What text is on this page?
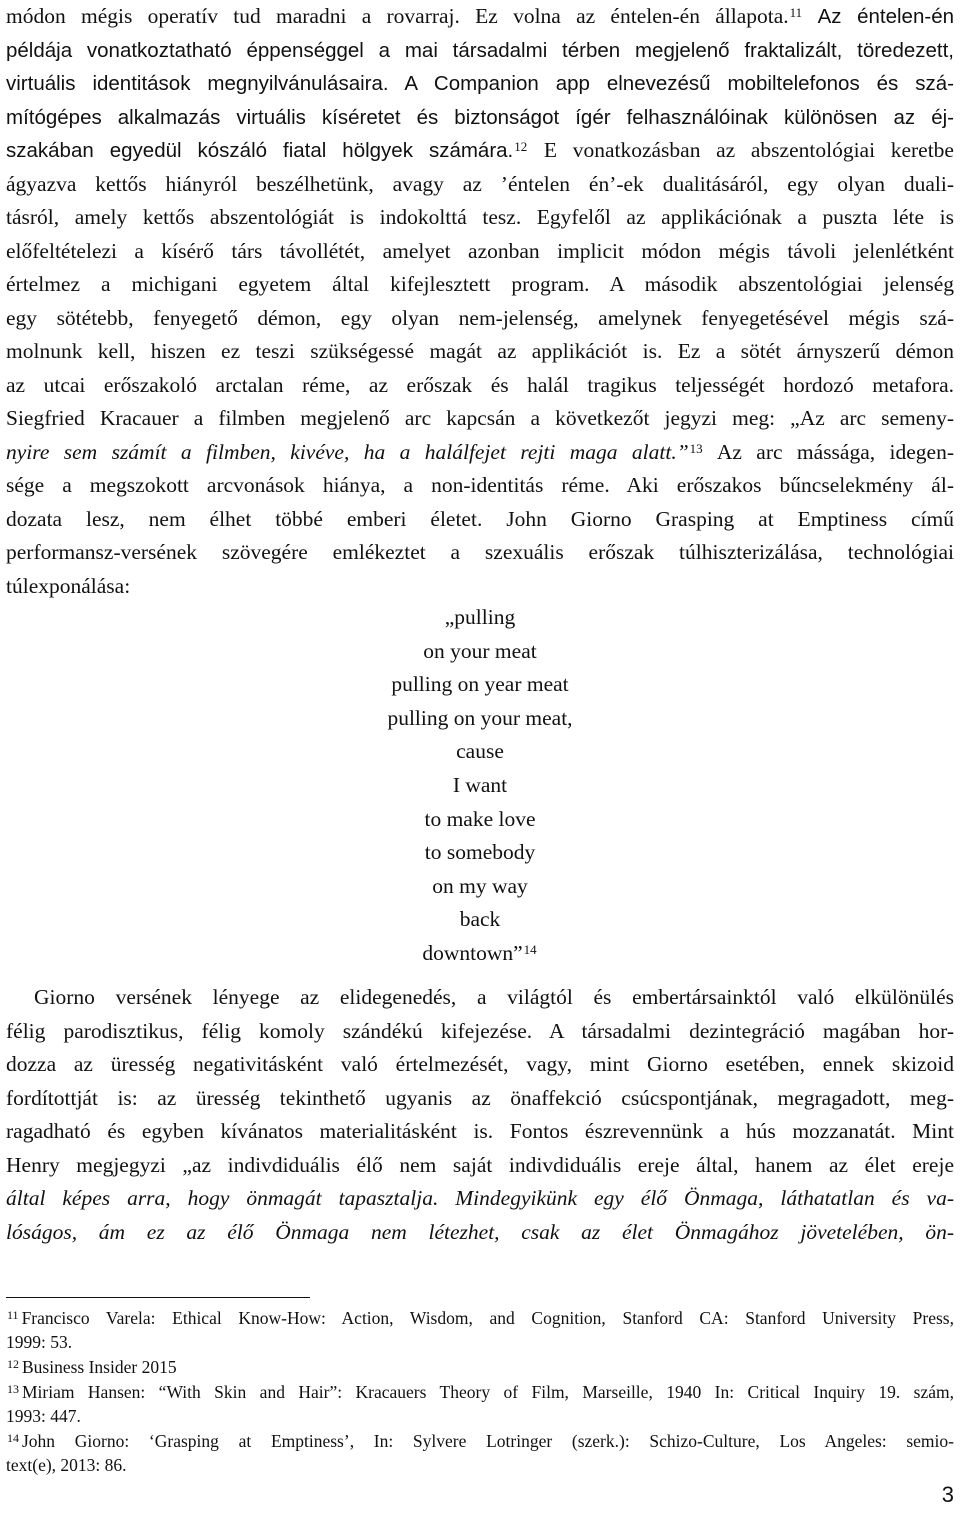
módon mégis operatív tud maradni a rovarraj. Ez volna az éntelen-én állapota.$^{11}$ Az éntelen-én
példája vonatkoztatható éppenséggel a mai társadalmi térben megjelenő fraktalizált, töredezett,
virtuális identitások megnyilvánulásaira. A Companion app elnevezésű mobiltelefonos és szá-
mítógépes alkalmazás virtuális kíséretet és biztonságot ígér felhasználóinak különösen az éj-
szakában egyedül kószáló fiatal hölgyek számára.$^{12}$ E vonatkozásban az abszentológiai keretbe
ágyazva kettős hiányról beszélhetünk, avagy az ’éntelen én’-ek dualitásáról, egy olyan duali-
tásról, amely kettős abszentológiát is indokolttá tesz. Egyfelől az applikációnak a puszta léte is
előfeltételezi a kísérő társ távollétét, amelyet azonban implicit módon mégis távoli jelenlétként
értelmez a michigani egyetem által kifejlesztett program. A második abszentológiai jelenség
egy sötétebb, fenyegető démon, egy olyan nem-jelenség, amelynek fenyegetésével mégis szá-
molnunk kell, hiszen ez teszi szükségessé magát az applikációt is. Ez a sötét árnyszerű démon
az utcai erőszakoló arctalan réme, az erőszak és halál tragikus teljességét hordozó metafora.
Siegfried Kracauer a filmben megjelenő arc kapcsán a következőt jegyzi meg: „Az arc semeny-
nyire sem számít a filmben, kivéve, ha a halálfejet rejti maga alatt.”$^{13}$ Az arc mássága, idegen-
sége a megszokott arcvonások hiánya, a non-identitás réme. Aki erőszakos bűncselekmény ál-
dozata lesz, nem élhet többé emberi életet. John Giorno Grasping at Emptiness című
performansz-versének szövegére emlékeztet a szexuális erőszak túlhiszterizálása, technológiai
túlexponálása:
„pulling
on your meat
pulling on year meat
pulling on your meat,
cause
I want
to make love
to somebody
on my way
back
downtown”$^{14}$
Giorno versének lényege az elidegenedés, a világtól és embertársainktól való elkülönülés
félig parodisztikus, félig komoly szándékú kifejezése. A társadalmi dezintegráció magában hor-
dozza az üresség negativitásként való értelmezését, vagy, mint Giorno esetében, ennek skizoid
fordítottját is: az üresség tekinthető ugyanis az önaffekció csúcspontjának, megragadott, meg-
ragadható és egyben kívánatos materialitásként is. Fontos észrevennünk a hús mozzanatát. Mint
Henry megjegyzi „az indivdiduális élő nem saját indivdiduális ereje által, hanem az élet ereje
által képes arra, hogy önmagát tapasztalja. Mindegyikünk egy élő Önmaga, láthatatlan és va-
lóságos, ám ez az élő Önmaga nem létezhet, csak az élet Önmagához jövetelében, ön-
$^{11}$ Francisco Varela: Ethical Know-How: Action, Wisdom, and Cognition, Stanford CA: Stanford University Press,
1999: 53.
$^{12}$ Business Insider 2015
$^{13}$ Miriam Hansen: “With Skin and Hair”: Kracauers Theory of Film, Marseille, 1940 In: Critical Inquiry 19. szám,
1993: 447.
$^{14}$ John Giorno: ‘Grasping at Emptiness’, In: Sylvere Lotringer (szerk.): Schizo-Culture, Los Angeles: semio-
text(e), 2013: 86.
3
